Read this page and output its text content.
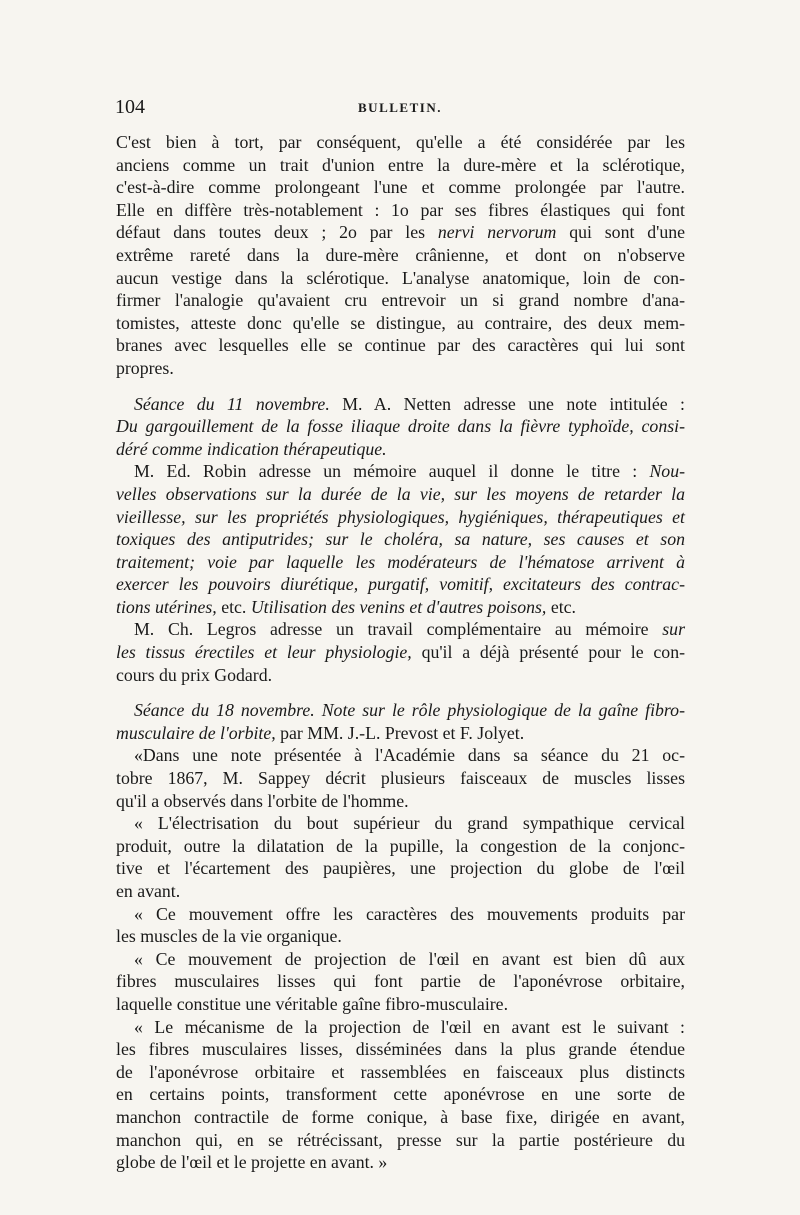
104	BULLETIN.

C'est bien à tort, par conséquent, qu'elle a été considérée par les

anciens comme un trait d'union entre la dure-mère et la sclérotique,

c'est-à-dire comme prolongeant l'une et comme prolongée par l'autre.

Elle en diffère très-notablement : 1o par ses fibres élastiques qui font

défaut dans toutes deux ; 2o par les nervi nervorum qui sont d'une

extrême rareté dans la dure-mère crânienne, et dont on n'observe

aucun vestige dans la sclérotique. L'analyse anatomique, loin de con-

firmer l'analogie qu'avaient cru entrevoir un si grand nombre d'ana-

tomistes, atteste donc qu'elle se distingue, au contraire, des deux mem-

branes avec lesquelles elle se continue par des caractères qui lui sont

propres.

Séance du 11 novembre. M. A. Netten adresse une note intitulée :

Du gargouillement de la fosse iliaque droite dans la fièvre typhoïde, consi-

déré comme indication thérapeutique.

M. Ed. Robin adresse un mémoire auquel il donne le titre : Nou-

velles observations sur la durée de la vie, sur les moyens de retarder la

vieillesse, sur les propriétés physiologiques, hygiéniques, thérapeutiques et

toxiques des antiputrides; sur le choléra, sa nature, ses causes et son

traitement; voie par laquelle les modérateurs de l'hématose arrivent à

exercer les pouvoirs diurétique, purgatif, vomitif, excitateurs des contrac-

tions utérines, etc. Utilisation des venins et d'autres poisons, etc.

M. Ch. Legros adresse un travail complémentaire au mémoire sur

les tissus érectiles et leur physiologie, qu'il a déjà présenté pour le con-

cours du prix Godard.

Séance du 18 novembre. Note sur le rôle physiologique de la gaîne fibro-

musculaire de l'orbite, par MM. J.-L. Prevost et F. Jolyet.

«Dans une note présentée à l'Académie dans sa séance du 21 oc-

tobre 1867, M. Sappey décrit plusieurs faisceaux de muscles lisses

qu'il a observés dans l'orbite de l'homme.

« L'électrisation du bout supérieur du grand sympathique cervical

produit, outre la dilatation de la pupille, la congestion de la conjonc-

tive et l'écartement des paupières, une projection du globe de l'œil

en avant.

« Ce mouvement offre les caractères des mouvements produits par

les muscles de la vie organique.

« Ce mouvement de projection de l'œil en avant est bien dû aux

fibres musculaires lisses qui font partie de l'aponévrose orbitaire,

laquelle constitue une véritable gaîne fibro-musculaire.

« Le mécanisme de la projection de l'œil en avant est le suivant :

les fibres musculaires lisses, disséminées dans la plus grande étendue

de l'aponévrose orbitaire et rassemblées en faisceaux plus distincts

en certains points, transforment cette aponévrose en une sorte de

manchon contractile de forme conique, à base fixe, dirigée en avant,

manchon qui, en se rétrécissant, presse sur la partie postérieure du

globe de l'œil et le projette en avant. »
